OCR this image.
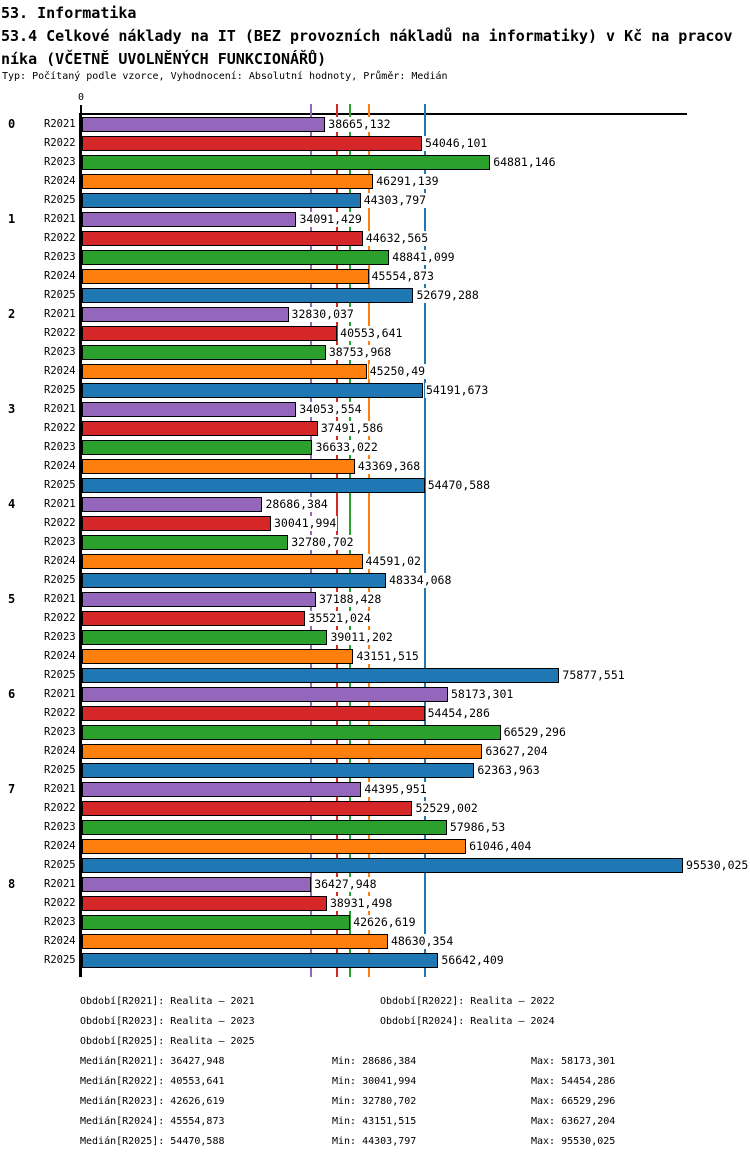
53. Informatika
53.4 Celkové náklady na IT (BEZ provozních nákladů na informatiky) v Kč na pracov
níka (VČETNĚ UVOLNĚNÝCH FUNKCIONÁŘŮ)
Typ: Počítaný podle vzorce, Vyhodnocení: Absolutní hodnoty, Průměr: Medián
0
0	R2021	38665,132
R2022	54046,101
R2023	64881,146
R2024	46291,139
R2025	44303,797
1	R2021	34091,429
R2022	44632,565
R2023	48841,099
R2024	45554,873
R2025	52679,288
2	R2021	32830,037
R2022	40553,641
R2023	38753,968
R2024	45250,49
R2025	54191,673
3	R2021	34053,554
R2022	37491,586
R2023	36633,022
R2024	43369,368
R2025	54470,588
4	R2021	28686,384
R2022	30041,994
R2023	32780,702
R2024	44591,02
R2025	48334,068
5	R2021	37188,428
R2022	35521,024
R2023	39011,202
R2024	43151,515
R2025	75877,551
6	R2021	58173,301
R2022	54454,286
R2023	66529,296
R2024	63627,204
R2025	62363,963
7	R2021	44395,951
R2022	52529,002
R2023	57986,53
R2024	61046,404
R2025	95530,025
8	R2021	36427,948
R2022	38931,498
R2023	42626,619
R2024	48630,354
R2025	56642,409
Období[R2021]: Realita – 2021	Období[R2022]: Realita – 2022
Období[R2023]: Realita – 2023	Období[R2024]: Realita – 2024
Období[R2025]: Realita – 2025
Medián[R2021]: 36427,948	Min: 28686,384	Max: 58173,301
Medián[R2022]: 40553,641	Min: 30041,994	Max: 54454,286
Medián[R2023]: 42626,619	Min: 32780,702	Max: 66529,296
Medián[R2024]: 45554,873	Min: 43151,515	Max: 63627,204
Medián[R2025]: 54470,588	Min: 44303,797	Max: 95530,025
